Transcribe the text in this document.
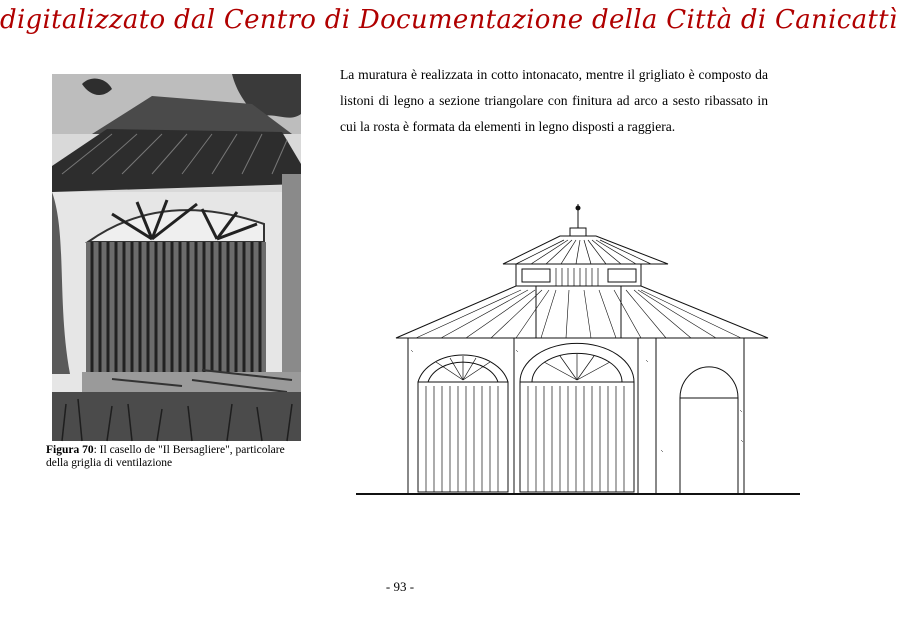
digitalizzato dal Centro di Documentazione della Città di Canicattì
Figura 70: Il casello de "Il Bersagliere", particolare della griglia di ventilazione
La muratura è realizzata in cotto intonacato, mentre il grigliato è composto da listoni di legno a sezione triangolare con finitura ad arco a sesto ribassato in cui la rosta è formata da elementi in legno disposti a raggiera.
- 93 -
